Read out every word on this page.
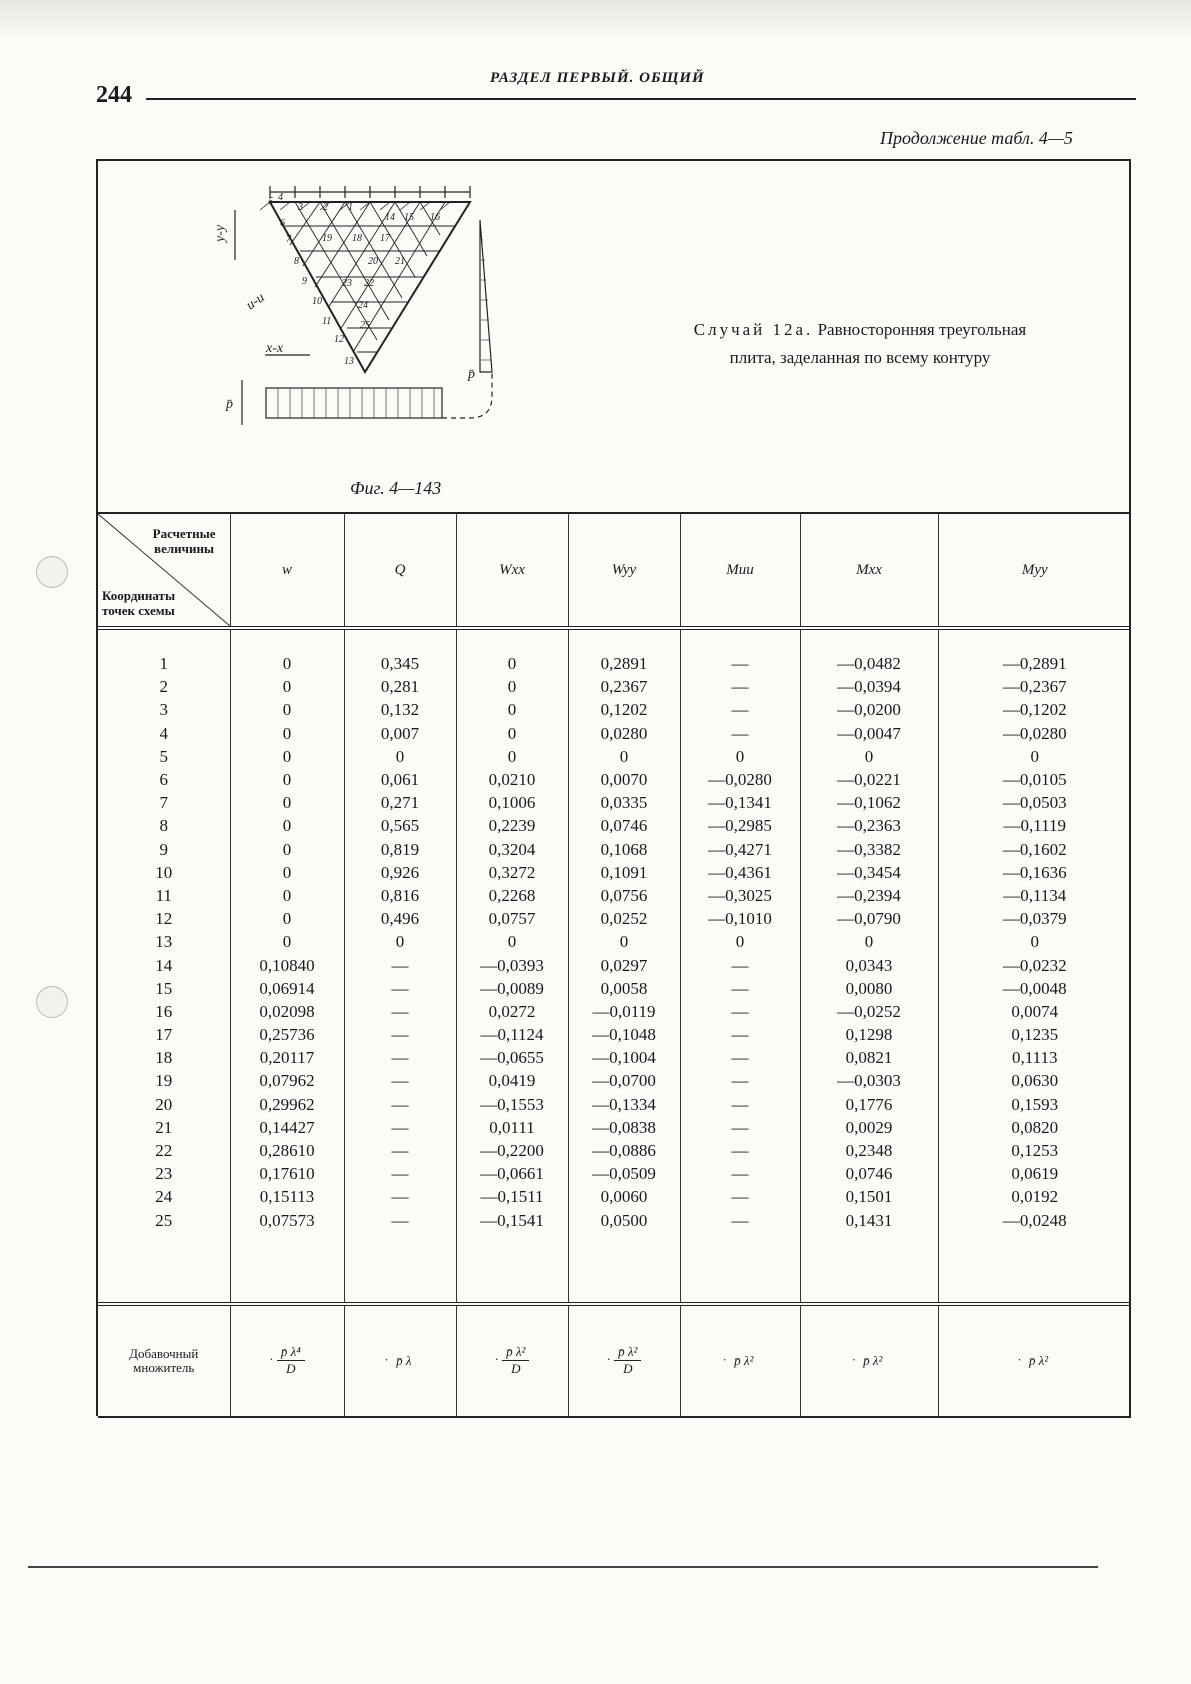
244
РАЗДЕЛ ПЕРВЫЙ. ОБЩИЙ
Продолжение табл. 4—5
y-y
u-u
x-x
p̄
p̄
1
2
3
4
5
6
7
8
9
10
11
12
13
14 15 16
17
18
19
20 21
22
23
24
25
Фиг. 4—143
Случай 12а. Равносторонняя треугольная
плита, заделанная по всему контуру
Расчетные
величины
Координаты
точек схемы	w	Q	Wxx	Wyy	Muu	Mxx	Myy
1	0	0,345	0	0,2891	—	—0,0482	—0,2891
2	0	0,281	0	0,2367	—	—0,0394	—0,2367
3	0	0,132	0	0,1202	—	—0,0200	—0,1202
4	0	0,007	0	0,0280	—	—0,0047	—0,0280
5	0	0	0	0	0	0	0
6	0	0,061	0,0210	0,0070	—0,0280	—0,0221	—0,0105
7	0	0,271	0,1006	0,0335	—0,1341	—0,1062	—0,0503
8	0	0,565	0,2239	0,0746	—0,2985	—0,2363	—0,1119
9	0	0,819	0,3204	0,1068	—0,4271	—0,3382	—0,1602
10	0	0,926	0,3272	0,1091	—0,4361	—0,3454	—0,1636
11	0	0,816	0,2268	0,0756	—0,3025	—0,2394	—0,1134
12	0	0,496	0,0757	0,0252	—0,1010	—0,0790	—0,0379
13	0	0	0	0	0	0	0
14	0,10840	—	—0,0393	0,0297	—	0,0343	—0,0232
15	0,06914	—	—0,0089	0,0058	—	0,0080	—0,0048
16	0,02098	—	0,0272	—0,0119	—	—0,0252	0,0074
17	0,25736	—	—0,1124	—0,1048	—	0,1298	0,1235
18	0,20117	—	—0,0655	—0,1004	—	0,0821	0,1113
19	0,07962	—	0,0419	—0,0700	—	—0,0303	0,0630
20	0,29962	—	—0,1553	—0,1334	—	0,1776	0,1593
21	0,14427	—	0,0111	—0,0838	—	0,0029	0,0820
22	0,28610	—	—0,2200	—0,0886	—	0,2348	0,1253
23	0,17610	—	—0,0661	—0,0509	—	0,0746	0,0619
24	0,15113	—	—0,1511	0,0060	—	0,1501	0,0192
25	0,07573	—	—0,1541	0,0500	—	0,1431	—0,0248

Добавочный
множитель	· $\frac{\text{p̄ λ⁴}}{D}$	· p̄ λ	· $\frac{\text{p̄ λ²}}{D}$	· $\frac{\text{p̄ λ²}}{D}$	· p̄ λ²	· p̄ λ²	· p̄ λ²
